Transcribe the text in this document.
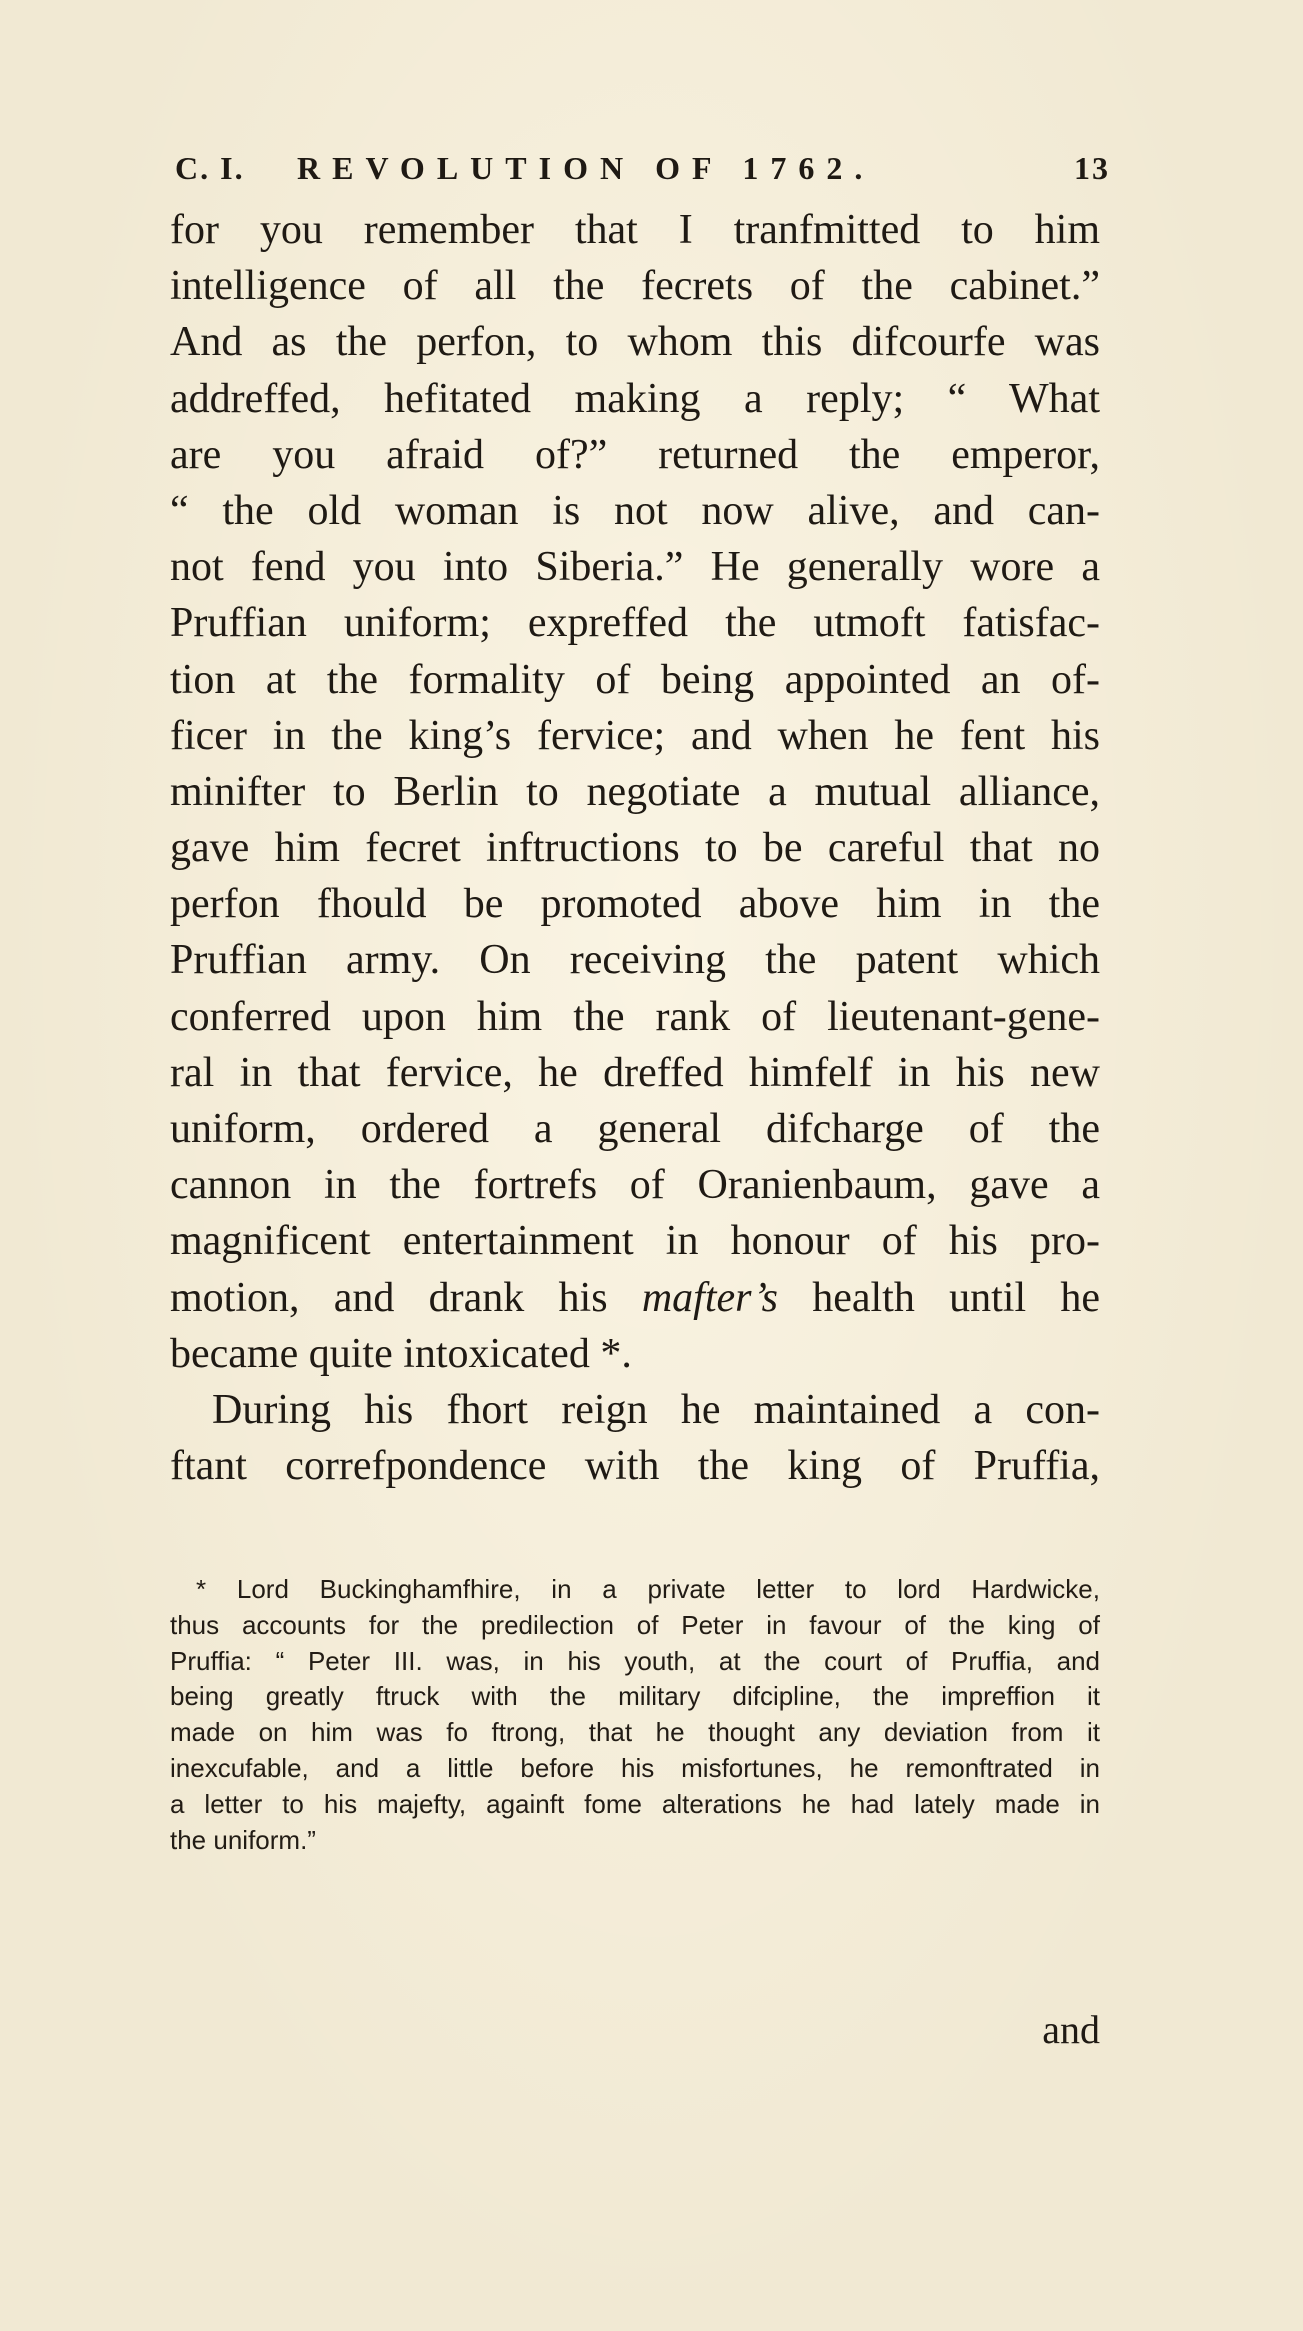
C. I. REVOLUTION OF 1762.	13
for you remember that I tranfmitted to him
intelligence of all the fecrets of the cabinet.”
And as the perfon, to whom this difcourfe was
addreffed, hefitated making a reply; “ What
are you afraid of?” returned the emperor,
“ the old woman is not now alive, and can-
not fend you into Siberia.” He generally wore a
Pruffian uniform; expreffed the utmoft fatisfac-
tion at the formality of being appointed an of-
ficer in the king’s fervice; and when he fent his
minifter to Berlin to negotiate a mutual alliance,
gave him fecret inftructions to be careful that no
perfon fhould be promoted above him in the
Pruffian army. On receiving the patent which
conferred upon him the rank of lieutenant-gene-
ral in that fervice, he dreffed himfelf in his new
uniform, ordered a general difcharge of the
cannon in the fortrefs of Oranienbaum, gave a
magnificent entertainment in honour of his pro-
motion, and drank his mafter’s health until he
became quite intoxicated *.
During his fhort reign he maintained a con-
ftant correfpondence with the king of Pruffia,
* Lord Buckinghamfhire, in a private letter to lord Hardwicke,
thus accounts for the predilection of Peter in favour of the king of
Pruffia: “ Peter III. was, in his youth, at the court of Pruffia, and
being greatly ftruck with the military difcipline, the impreffion it
made on him was fo ftrong, that he thought any deviation from it
inexcufable, and a little before his misfortunes, he remonftrated in
a letter to his majefty, againft fome alterations he had lately made in
the uniform.”
and
